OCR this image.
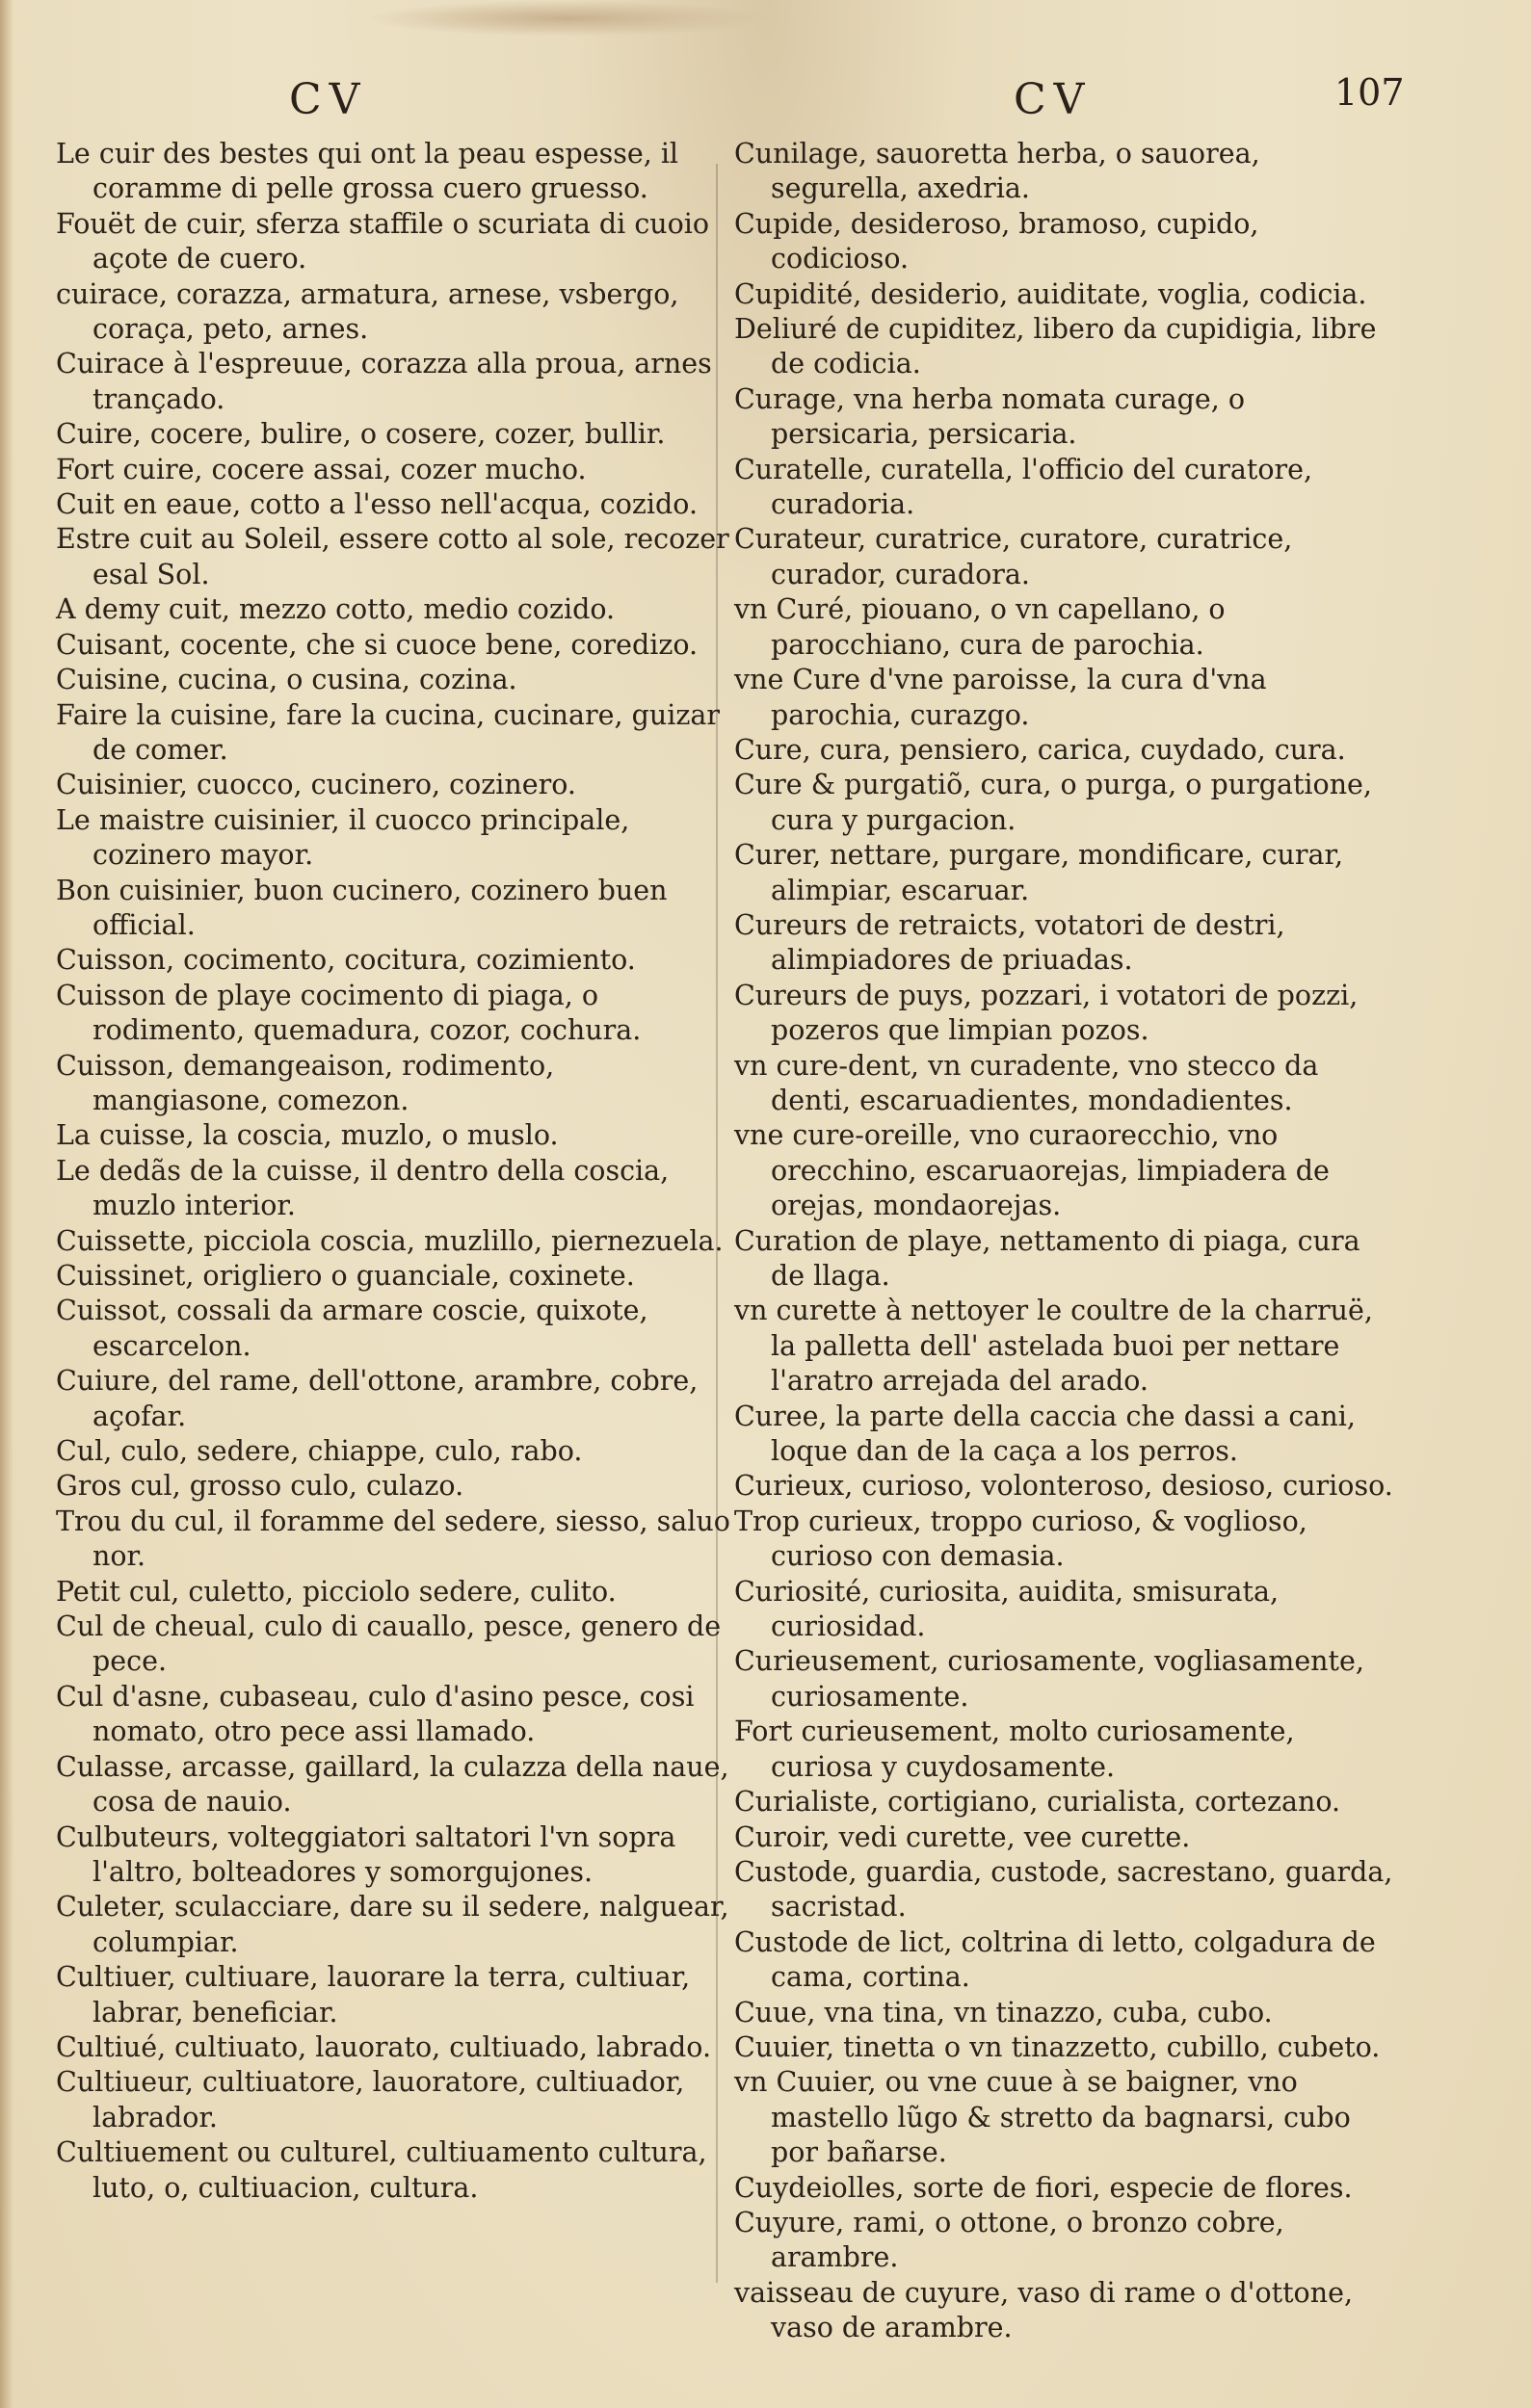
CV	CV	107

Le cuir des bestes qui ont la peau espesse, il coramme di pelle grossa cuero gruesso.

Fouët de cuir, sferza staffile o scuriata di cuoio açote de cuero.

cuirace, corazza, armatura, arnese, vsbergo, coraça, peto, arnes.

Cuirace à l'espreuue, corazza alla proua, arnes trançado.

Cuire, cocere, bulire, o cosere, cozer, bullir.

Fort cuire, cocere assai, cozer mucho.

Cuit en eaue, cotto a l'esso nell'acqua, cozido.

Estre cuit au Soleil, essere cotto al sole, recozer esal Sol.

A demy cuit, mezzo cotto, medio cozido.

Cuisant, cocente, che si cuoce bene, coredizo.

Cuisine, cucina, o cusina, cozina.

Faire la cuisine, fare la cucina, cucinare, guizar de comer.

Cuisinier, cuocco, cucinero, cozinero.

Le maistre cuisinier, il cuocco principale, cozinero mayor.

Bon cuisinier, buon cucinero, cozinero buen official.

Cuisson, cocimento, cocitura, cozimiento.

Cuisson de playe cocimento di piaga, o rodimento, quemadura, cozor, cochura.

Cuisson, demangeaison, rodimento, mangiasone, comezon.

La cuisse, la coscia, muzlo, o muslo.

Le dedãs de la cuisse, il dentro della coscia, muzlo interior.

Cuissette, picciola coscia, muzlillo, piernezuela.

Cuissinet, origliero o guanciale, coxinete.

Cuissot, cossali da armare coscie, quixote, escarcelon.

Cuiure, del rame, dell'ottone, arambre, cobre, açofar.

Cul, culo, sedere, chiappe, culo, rabo.

Gros cul, grosso culo, culazo.

Trou du cul, il foramme del sedere, siesso, saluo nor.

Petit cul, culetto, picciolo sedere, culito.

Cul de cheual, culo di cauallo, pesce, genero de pece.

Cul d'asne, cubaseau, culo d'asino pesce, cosi nomato, otro pece assi llamado.

Culasse, arcasse, gaillard, la culazza della naue, cosa de nauio.

Culbuteurs, volteggiatori saltatori l'vn sopra l'altro, bolteadores y somorgujones.

Culeter, sculacciare, dare su il sedere, nalguear, columpiar.

Cultiuer, cultiuare, lauorare la terra, cultiuar, labrar, beneficiar.

Cultiué, cultiuato, lauorato, cultiuado, labrado.

Cultiueur, cultiuatore, lauoratore, cultiuador, labrador.

Cultiuement ou culturel, cultiuamento cultura, luto, o, cultiuacion, cultura.

Cunilage, sauoretta herba, o sauorea, segurella, axedria.

Cupide, desideroso, bramoso, cupido, codicioso.

Cupidité, desiderio, auiditate, voglia, codicia.

Deliuré de cupiditez, libero da cupidigia, libre de codicia.

Curage, vna herba nomata curage, o persicaria, persicaria.

Curatelle, curatella, l'officio del curatore, curadoria.

Curateur, curatrice, curatore, curatrice, curador, curadora.

vn Curé, piouano, o vn capellano, o parocchiano, cura de parochia.

vne Cure d'vne paroisse, la cura d'vna parochia, curazgo.

Cure, cura, pensiero, carica, cuydado, cura.

Cure & purgatiõ, cura, o purga, o purgatione, cura y purgacion.

Curer, nettare, purgare, mondificare, curar, alimpiar, escaruar.

Cureurs de retraicts, votatori de destri, alimpiadores de priuadas.

Cureurs de puys, pozzari, i votatori de pozzi, pozeros que limpian pozos.

vn cure-dent, vn curadente, vno stecco da denti, escaruadientes, mondadientes.

vne cure-oreille, vno curaorecchio, vno orecchino, escaruaorejas, limpiadera de orejas, mondaorejas.

Curation de playe, nettamento di piaga, cura de llaga.

vn curette à nettoyer le coultre de la charruë, la palletta dell' astelada buoi per nettare l'aratro arrejada del arado.

Curee, la parte della caccia che dassi a cani, loque dan de la caça a los perros.

Curieux, curioso, volonteroso, desioso, curioso.

Trop curieux, troppo curioso, & voglioso, curioso con demasia.

Curiosité, curiosita, auidita, smisurata, curiosidad.

Curieusement, curiosamente, vogliasamente, curiosamente.

Fort curieusement, molto curiosamente, curiosa y cuydosamente.

Curialiste, cortigiano, curialista, cortezano.

Curoir, vedi curette, vee curette.

Custode, guardia, custode, sacrestano, guarda, sacristad.

Custode de lict, coltrina di letto, colgadura de cama, cortina.

Cuue, vna tina, vn tinazzo, cuba, cubo.

Cuuier, tinetta o vn tinazzetto, cubillo, cubeto.

vn Cuuier, ou vne cuue à se baigner, vno mastello lũgo & stretto da bagnarsi, cubo por bañarse.

Cuydeiolles, sorte de fiori, especie de flores.

Cuyure, rami, o ottone, o bronzo cobre, arambre.

vaisseau de cuyure, vaso di rame o d'ottone, vaso de arambre.
